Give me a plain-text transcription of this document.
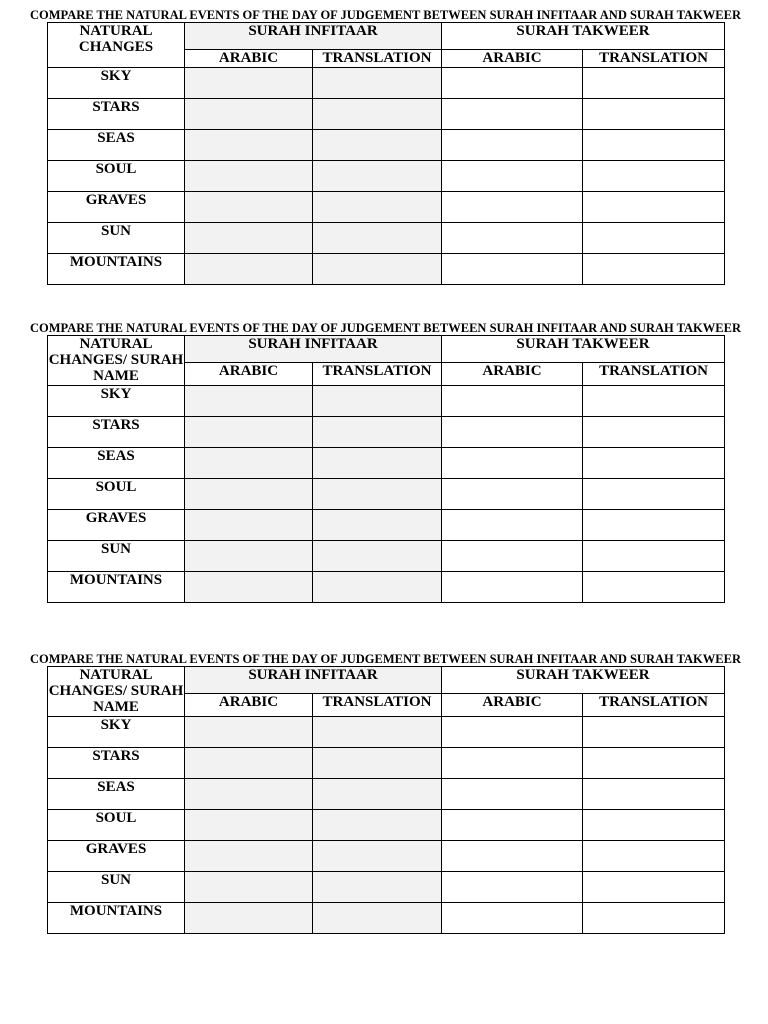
COMPARE THE NATURAL EVENTS OF THE DAY OF JUDGEMENT BETWEEN SURAH INFITAAR AND SURAH TAKWEER
NATURAL CHANGES	SURAH INFITAAR		SURAH TAKWEER	
	ARABIC	TRANSLATION	ARABIC	TRANSLATION
SKY				
STARS				
SEAS				
SOUL				
GRAVES				
SUN				
MOUNTAINS				
COMPARE THE NATURAL EVENTS OF THE DAY OF JUDGEMENT BETWEEN SURAH INFITAAR AND SURAH TAKWEER
NATURAL CHANGES/ SURAH NAME	SURAH INFITAAR		SURAH TAKWEER	
	ARABIC	TRANSLATION	ARABIC	TRANSLATION
SKY				
STARS				
SEAS				
SOUL				
GRAVES				
SUN				
MOUNTAINS				
COMPARE THE NATURAL EVENTS OF THE DAY OF JUDGEMENT BETWEEN SURAH INFITAAR AND SURAH TAKWEER
NATURAL CHANGES/ SURAH NAME	SURAH INFITAAR		SURAH TAKWEER	
	ARABIC	TRANSLATION	ARABIC	TRANSLATION
SKY				
STARS				
SEAS				
SOUL				
GRAVES				
SUN				
MOUNTAINS				
